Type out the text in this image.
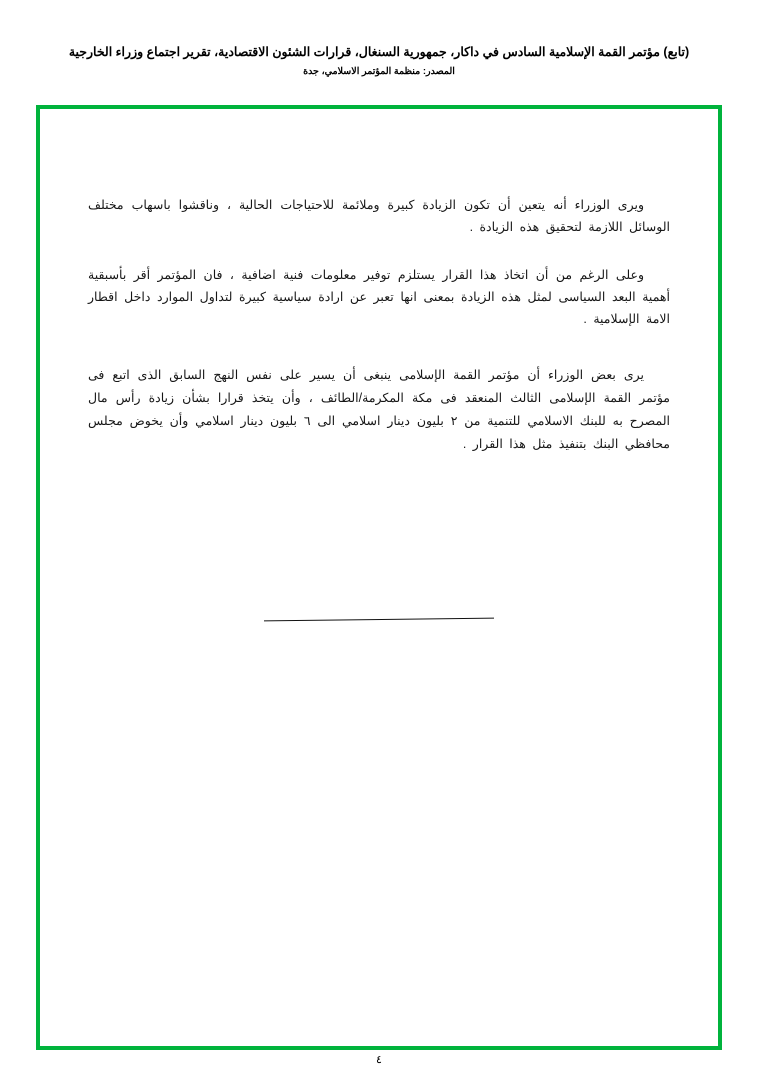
(تابع) مؤتمر القمة الإسلامية السادس في داكار، جمهورية السنغال، قرارات الشئون الاقتصادية، تقرير اجتماع وزراء الخارجية
المصدر: منظمة المؤتمر الاسلامي، جدة

ويرى الوزراء أنه يتعين أن تكون الزيادة كبيرة وملائمة للاحتياجات الحالية ، وناقشوا باسهاب مختلف الوسائل اللازمة لتحقيق هذه الزيادة .

وعلى الرغم من أن اتخاذ هذا القرار يستلزم توفير معلومات فنية اضافية ، فان المؤتمر أقر بأسبقية أهمية البعد السياسى لمثل هذه الزيادة بمعنى انها تعبر عن ارادة سياسية كبيرة لتداول الموارد داخل اقطار الامة الإسلامية .

يرى بعض الوزراء أن مؤتمر القمة الإسلامى ينبغى أن يسير على نفس النهج السابق الذى اتبع فى مؤتمر القمة الإسلامى الثالث المنعقد فى مكة المكرمة/الطائف ، وأن يتخذ قرارا بشأن زيادة رأس مال المصرح به للبنك الاسلامي للتنمية من ٢ بليون دينار اسلامي الى ٦ بليون دينار اسلامي وأن يخوض مجلس محافظي البنك بتنفيذ مثل هذا القرار .

٤
